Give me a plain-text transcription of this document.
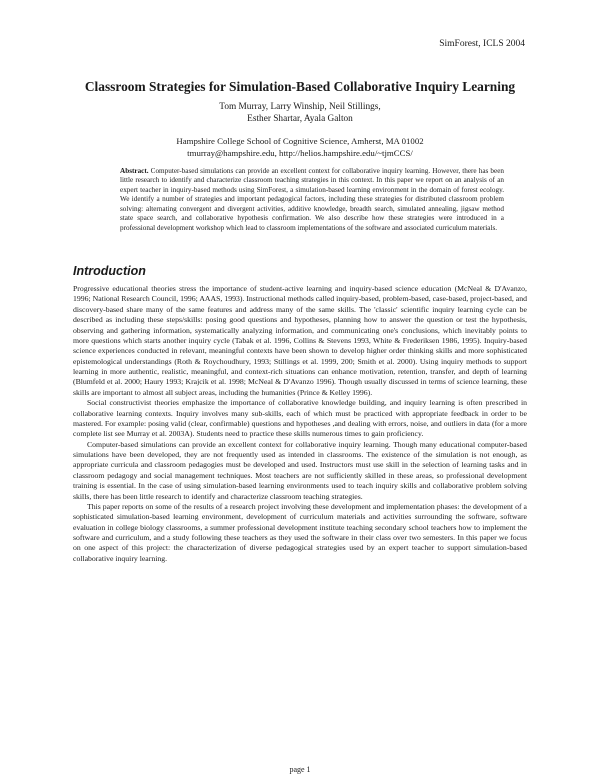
SimForest, ICLS 2004
Classroom Strategies for Simulation-Based Collaborative Inquiry Learning
Tom Murray, Larry Winship, Neil Stillings,
Esther Shartar, Ayala Galton
Hampshire College School of Cognitive Science, Amherst, MA 01002
tmurray@hampshire.edu, http://helios.hampshire.edu/~tjmCCS/
Abstract. Computer-based simulations can provide an excellent context for collaborative inquiry learning. However, there has been little research to identify and characterize classroom teaching strategies in this context. In this paper we report on an analysis of an expert teacher in inquiry-based methods using SimForest, a simulation-based learning environment in the domain of forest ecology. We identify a number of strategies and important pedagogical factors, including these strategies for distributed classroom problem solving: alternating convergent and divergent activities, additive knowledge, breadth search, simulated annealing, jigsaw method state space search, and collaborative hypothesis confirmation. We also describe how these strategies were introduced in a professional development workshop which lead to classroom implementations of the software and associated curriculum materials.
Introduction

Progressive educational theories stress the importance of student-active learning and inquiry-based science education (McNeal & D'Avanzo, 1996; National Research Council, 1996; AAAS, 1993). Instructional methods called inquiry-based, problem-based, case-based, project-based, and discovery-based share many of the same features and address many of the same skills. The 'classic' scientific inquiry learning cycle can be described as including these steps/skills: posing good questions and hypotheses, planning how to answer the question or test the hypothesis, observing and gathering information, systematically analyzing information, and communicating one's conclusions, which inevitably points to more questions which starts another inquiry cycle (Tabak et al. 1996, Collins & Stevens 1993, White & Frederiksen 1986, 1995). Inquiry-based science experiences conducted in relevant, meaningful contexts have been shown to develop higher order thinking skills and more sophisticated epistemological understandings (Roth & Roychoudhury, 1993; Stillings et al. 1999, 200; Smith et al. 2000). Using inquiry methods to support learning in more authentic, realistic, meaningful, and context-rich situations can enhance motivation, retention, transfer, and depth of learning (Blumfeld et al. 2000; Haury 1993; Krajcik et al. 1998; McNeal & D'Avanzo 1996). Though usually discussed in terms of science learning, these skills are important to almost all subject areas, including the humanities (Prince & Kelley 1996).

Social constructivist theories emphasize the importance of collaborative knowledge building, and inquiry learning is often prescribed in collaborative learning contexts. Inquiry involves many sub-skills, each of which must be practiced with appropriate feedback in order to be mastered. For example: posing valid (clear, confirmable) questions and hypotheses ,and dealing with errors, noise, and outliers in data (for a more complete list see Murray et al. 2003A). Students need to practice these skills numerous times to gain proficiency.

Computer-based simulations can provide an excellent context for collaborative inquiry learning. Though many educational computer-based simulations have been developed, they are not frequently used as intended in classrooms. The existence of the simulation is not enough, as appropriate curricula and classroom pedagogies must be developed and used. Instructors must use skill in the selection of learning tasks and in classroom pedagogy and social management techniques. Most teachers are not sufficiently skilled in these areas, so professional development training is essential. In the case of using simulation-based learning environments used to teach inquiry skills and collaborative problem solving skills, there has been little research to identify and characterize classroom teaching strategies.

This paper reports on some of the results of a research project involving these development and implementation phases: the development of a sophisticated simulation-based learning environment, development of curriculum materials and activities surrounding the software, software evaluation in college biology classrooms, a summer professional development institute teaching secondary school teachers how to implement the software and curriculum, and a study following these teachers as they used the software in their class over two semesters. In this paper we focus on one aspect of this project: the characterization of diverse pedagogical strategies used by an expert teacher to support simulation-based collaborative inquiry learning.

page 1
